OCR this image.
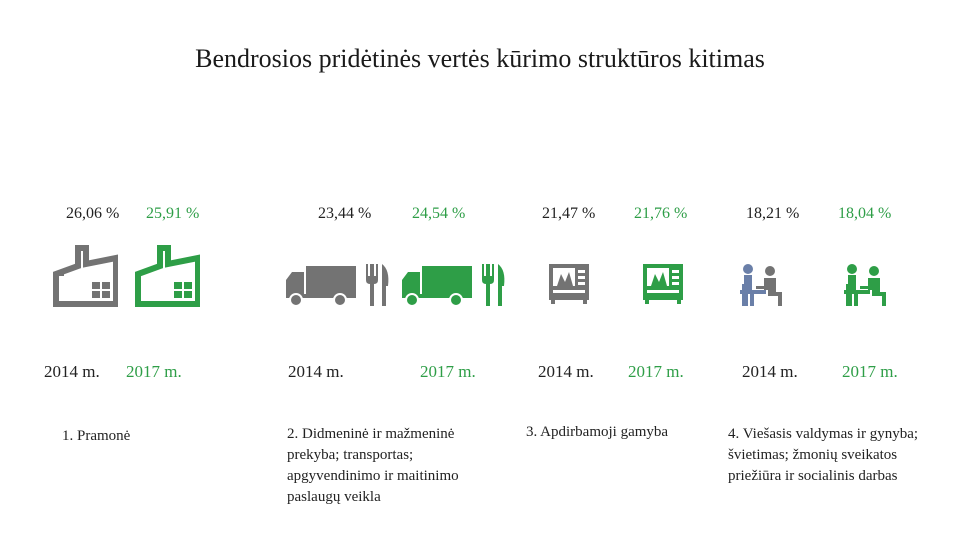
Bendrosios pridėtinės vertės kūrimo struktūros kitimas
26,06 % 25,91 %
2014 m. 2017 m.
1. Pramonė
23,44 %	24,54 %
2014 m.	2017 m.
2. Didmeninė ir mažmeninė prekyba; transportas; apgyvendinimo ir maitinimo paslaugų veikla
21,47 % 21,76 %
2014 m. 2017 m.
3. Apdirbamoji gamyba
18,21 % 18,04 %
2014 m.	2017 m.
4. Viešasis valdymas ir gynyba; švietimas; žmonių sveikatos priežiūra ir socialinis darbas
